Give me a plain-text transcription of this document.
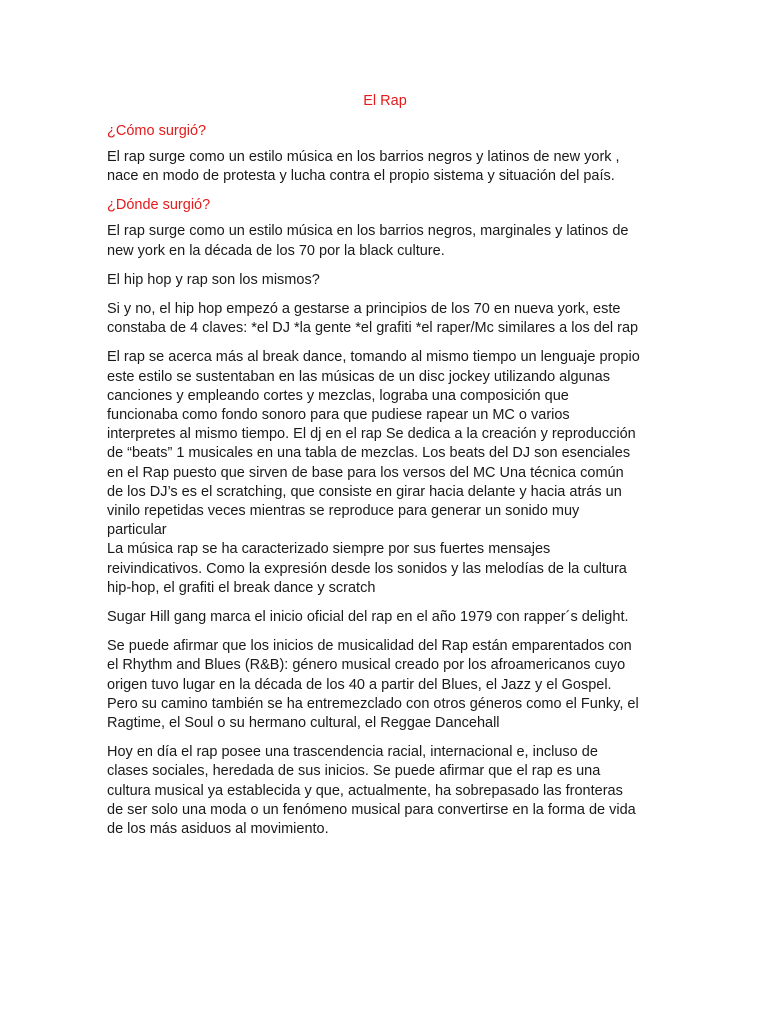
El Rap
¿Cómo surgió?
El rap surge como un estilo música en los barrios negros y latinos de new york ,
nace en modo de protesta y lucha contra el propio sistema y situación del país.
¿Dónde surgió?
El rap surge como un estilo música en los barrios negros, marginales y latinos de
new york en la década de los 70 por la black culture.
El hip hop y rap son los mismos?
Si y no, el hip hop empezó a gestarse a principios de los 70 en nueva york, este
constaba de 4 claves: *el DJ *la gente *el grafiti *el raper/Mc similares a los del rap
El rap se acerca más al break dance, tomando al mismo tiempo un lenguaje propio
este estilo se sustentaban en las músicas de un disc jockey utilizando algunas
canciones y empleando cortes y mezclas, lograba una composición que
funcionaba como fondo sonoro para que pudiese rapear un MC o varios
interpretes al mismo tiempo. El dj en el rap Se dedica a la creación y reproducción
de “beats” 1 musicales en una tabla de mezclas. Los beats del DJ son esenciales
en el Rap puesto que sirven de base para los versos del MC Una técnica común
de los DJ’s es el scratching, que consiste en girar hacia delante y hacia atrás un
vinilo repetidas veces mientras se reproduce para generar un sonido muy
particular
La música rap se ha caracterizado siempre por sus fuertes mensajes
reivindicativos. Como la expresión desde los sonidos y las melodías de la cultura
hip-hop, el grafiti el break dance y scratch
Sugar Hill gang marca el inicio oficial del rap en el año 1979 con rapper´s delight.
Se puede afirmar que los inicios de musicalidad del Rap están emparentados con
el Rhythm and Blues (R&B): género musical creado por los afroamericanos cuyo
origen tuvo lugar en la década de los 40 a partir del Blues, el Jazz y el Gospel.
Pero su camino también se ha entremezclado con otros géneros como el Funky, el
Ragtime, el Soul o su hermano cultural, el Reggae Dancehall
Hoy en día el rap posee una trascendencia racial, internacional e, incluso de
clases sociales, heredada de sus inicios. Se puede afirmar que el rap es una
cultura musical ya establecida y que, actualmente, ha sobrepasado las fronteras
de ser solo una moda o un fenómeno musical para convertirse en la forma de vida
de los más asiduos al movimiento.
